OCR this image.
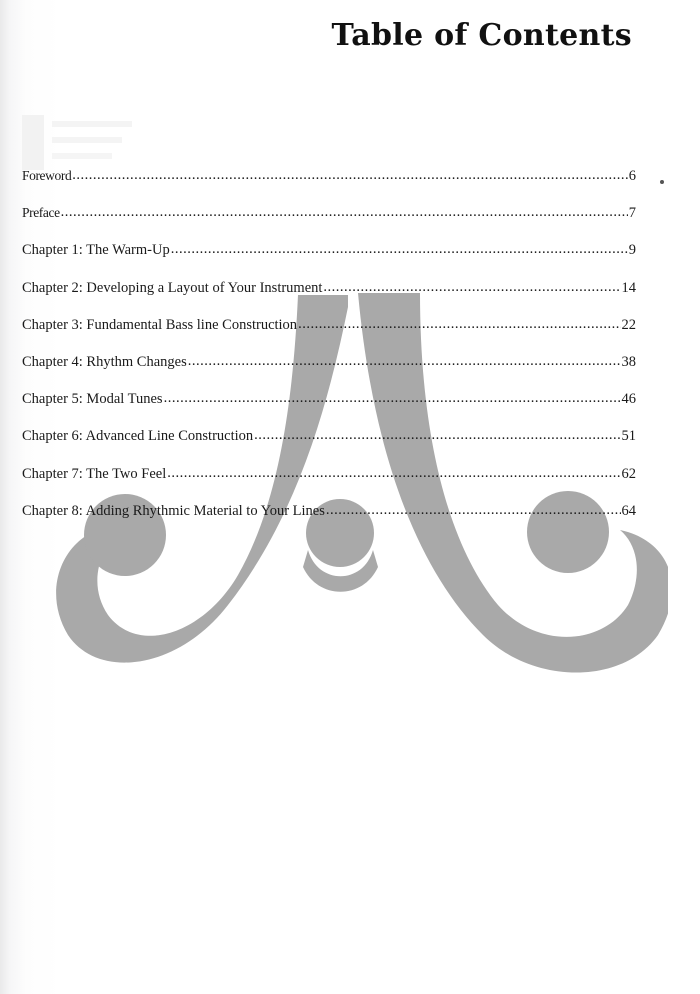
Table of Contents
Foreword .....	6
Preface .....	7
Chapter 1: The Warm-Up .....	9
Chapter 2: Developing a Layout of Your Instrument .....	14
Chapter 3: Fundamental Bass line Construction .....	22
Chapter 4: Rhythm Changes .....	38
Chapter 5: Modal Tunes .....	46
Chapter 6: Advanced Line Construction .....	51
Chapter 7: The Two Feel .....	62
Chapter 8: Adding Rhythmic Material to Your Lines .....	64
